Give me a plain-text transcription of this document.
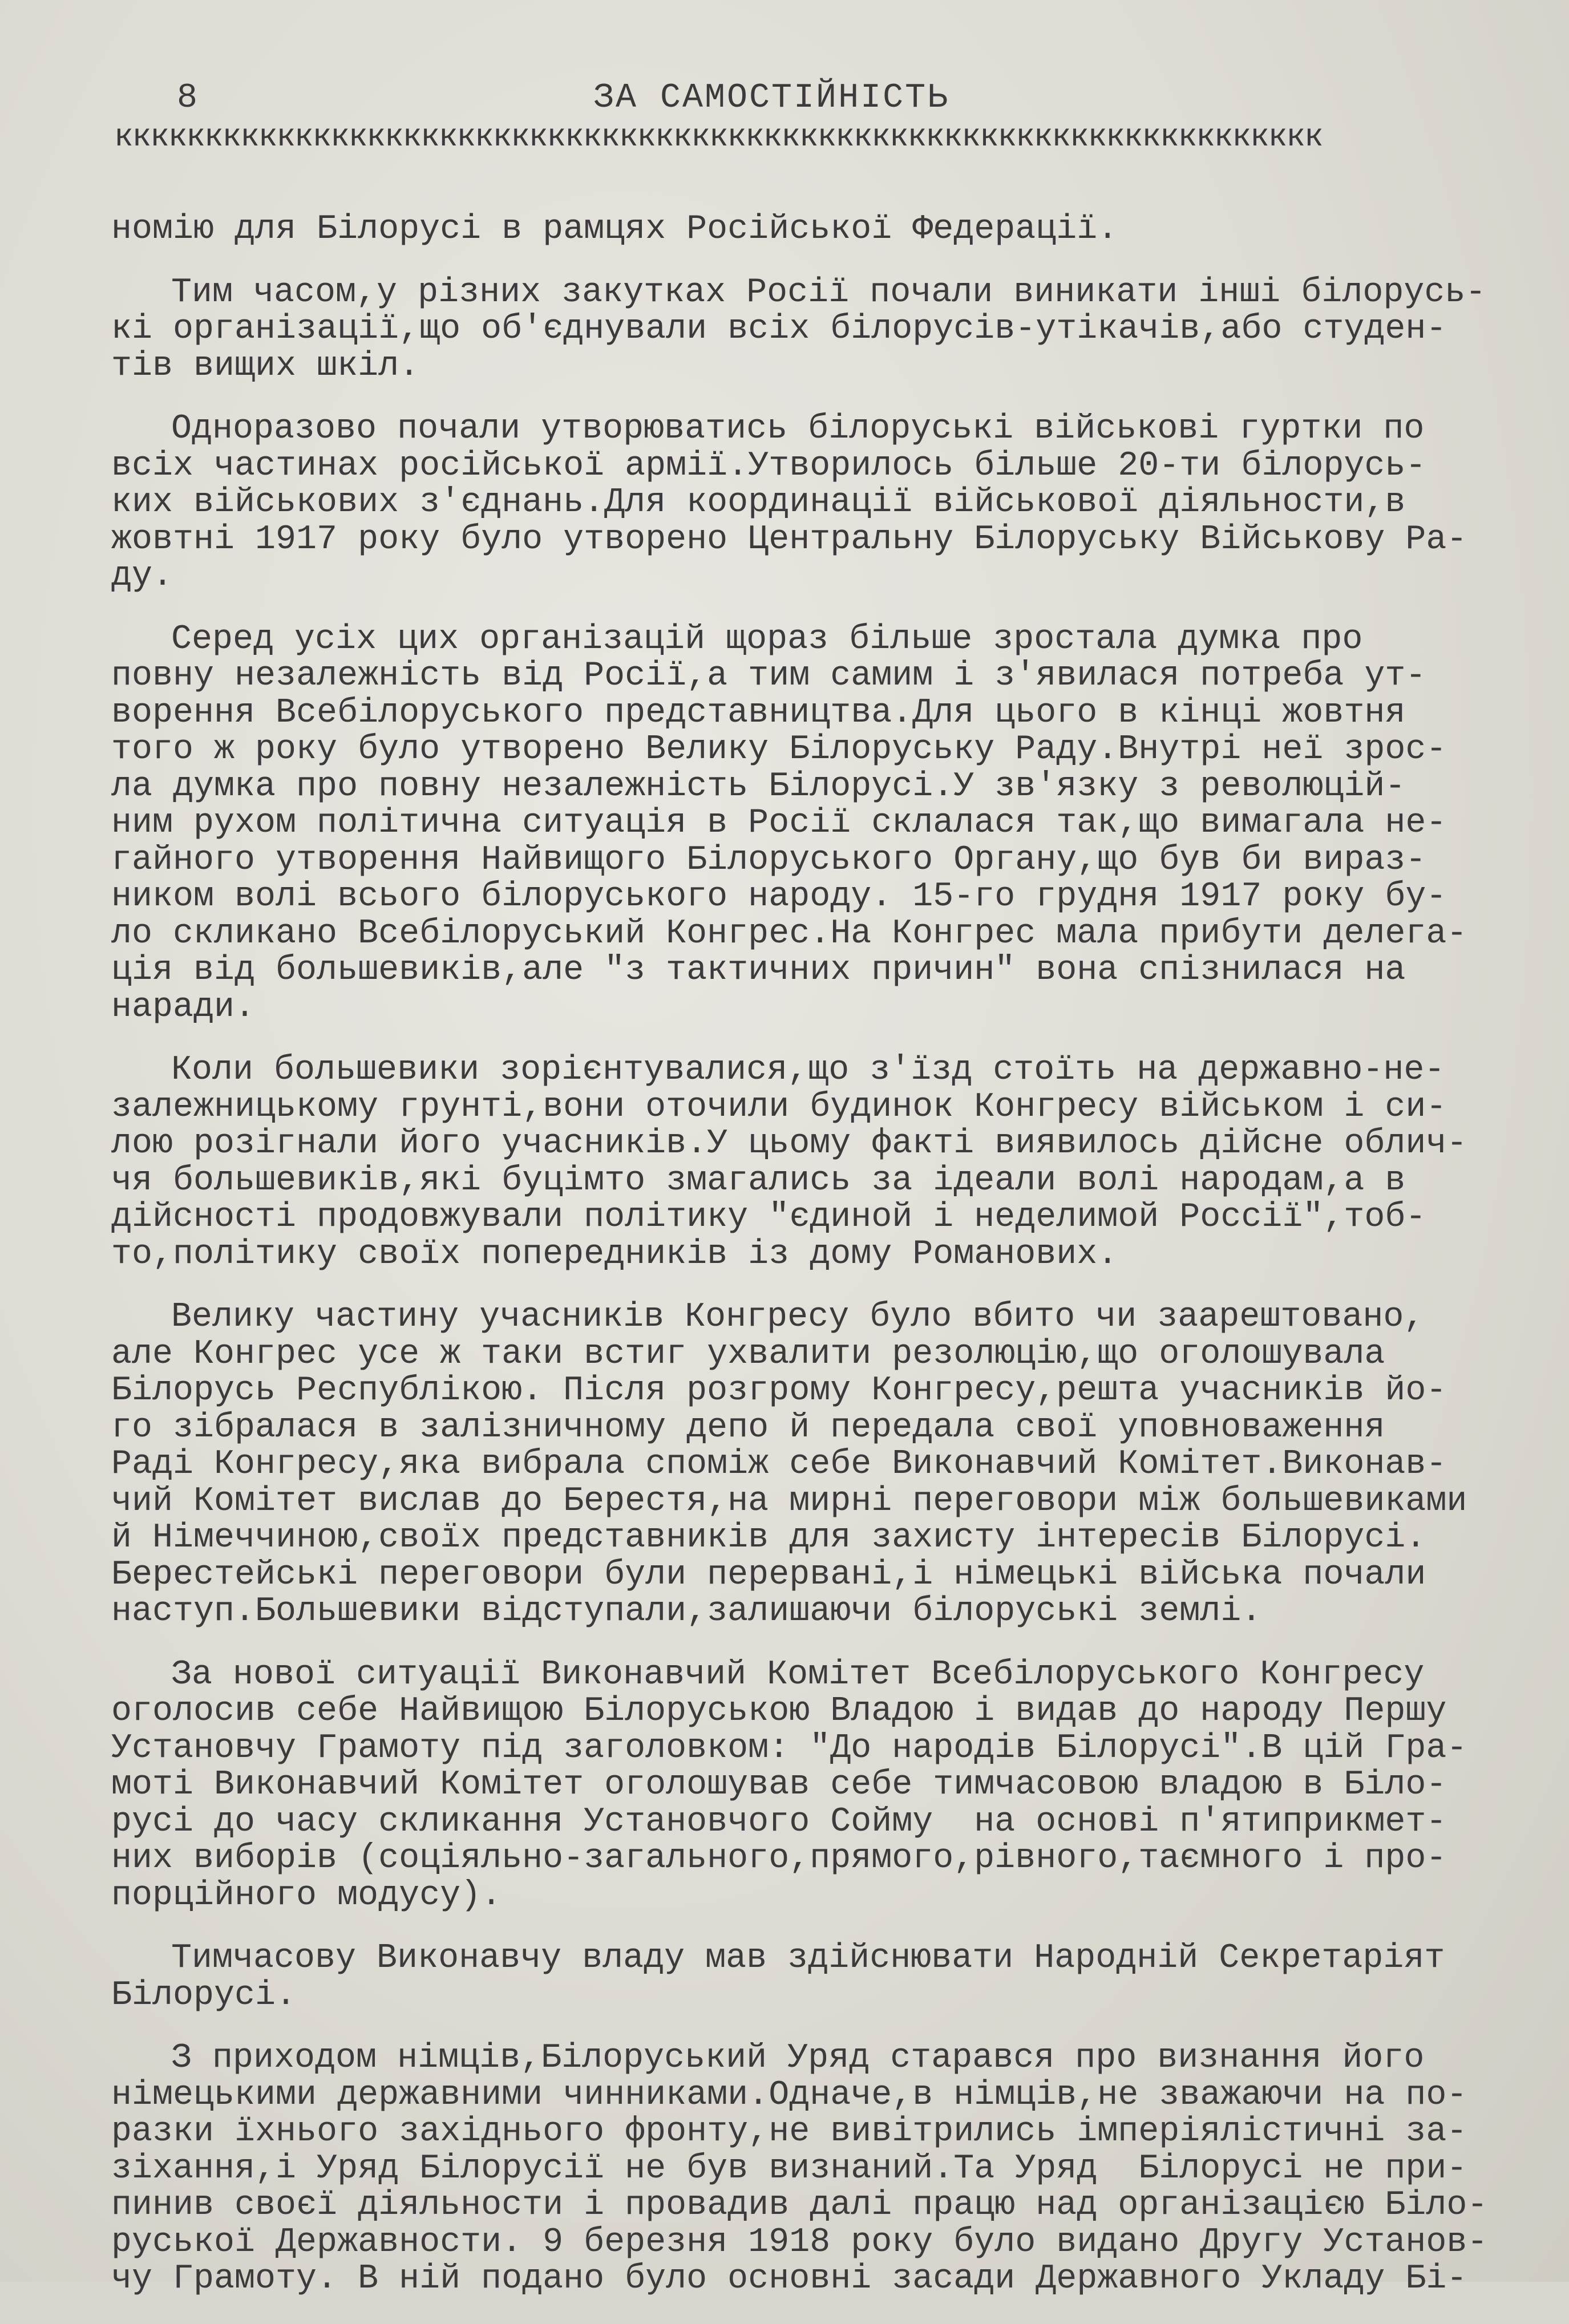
8	ЗА САМОСТІЙНІСТЬ
ккккккккккккккккккккккккккккккккккккккккккккккккккккккккккккккккккк

номію для Білорусі в рамцях Російської Федерації.

Тим часом,у різних закутках Росії почали виникати інші білорусь-
кі організації,що об'єднували всіх білорусів-утікачів,або студен-
тів вищих шкіл.

Одноразово почали утворюватись білоруські військові гуртки по
всіх частинах російської армії.Утворилось більше 20-ти білорусь-
ких військових з'єднань.Для координації військової діяльности,в
жовтні 1917 року було утворено Центральну Білоруську Військову Ра-
ду.

Серед усіх цих організацій щораз більше зростала думка про
повну незалежність від Росії,а тим самим і з'явилася потреба ут-
ворення Всебілоруського представництва.Для цього в кінці жовтня
того ж року було утворено Велику Білоруську Раду.Внутрі неї зрос-
ла думка про повну незалежність Білорусі.У зв'язку з революцій-
ним рухом політична ситуація в Росії склалася так,що вимагала не-
гайного утворення Найвищого Білоруського Органу,що був би вираз-
ником волі всього білоруського народу. 15-го грудня 1917 року бу-
ло скликано Всебілоруський Конгрес.На Конгрес мала прибути делега-
ція від большевиків,але "з тактичних причин" вона спізнилася на
наради.

Коли большевики зорієнтувалися,що з'їзд стоїть на державно-не-
залежницькому грунті,вони оточили будинок Конгресу військом і си-
лою розігнали його учасників.У цьому факті виявилось дійсне облич-
чя большевиків,які буцімто змагались за ідеали волі народам,а в
дійсності продовжували політику "єдиной і неделимой Россії",тоб-
то,політику своїх попередників із дому Романових.

Велику частину учасників Конгресу було вбито чи заарештовано,
але Конгрес усе ж таки встиг ухвалити резолюцію,що оголошувала
Білорусь Республікою. Після розгрому Конгресу,решта учасників йо-
го зібралася в залізничному депо й передала свої уповноваження
Раді Конгресу,яка вибрала споміж себе Виконавчий Комітет.Виконав-
чий Комітет вислав до Берестя,на мирні переговори між большевиками
й Німеччиною,своїх представників для захисту інтересів Білорусі.
Берестейські переговори були перервані,і німецькі війська почали
наступ.Большевики відступали,залишаючи білоруські землі.

За нової ситуації Виконавчий Комітет Всебілоруського Конгресу
оголосив себе Найвищою Білоруською Владою і видав до народу Першу
Установчу Грамоту під заголовком: "До народів Білорусі".В цій Гра-
моті Виконавчий Комітет оголошував себе тимчасовою владою в Біло-
русі до часу скликання Установчого Сойму  на основі п'ятиприкмет-
них виборів (соціяльно-загального,прямого,рівного,таємного і про-
порційного модусу).

Тимчасову Виконавчу владу мав здійснювати Народній Секретаріят
Білорусі.

З приходом німців,Білоруський Уряд старався про визнання його
німецькими державними чинниками.Одначе,в німців,не зважаючи на по-
разки їхнього західнього фронту,не вивітрились імперіялістичні за-
зіхання,і Уряд Білорусії не був визнаний.Та Уряд  Білорусі не при-
пинив своєї діяльности і провадив далі працю над організацією Біло-
руської Державности. 9 березня 1918 року було видано Другу Установ-
чу Грамоту. В ній подано було основні засади Державного Укладу Бі-
